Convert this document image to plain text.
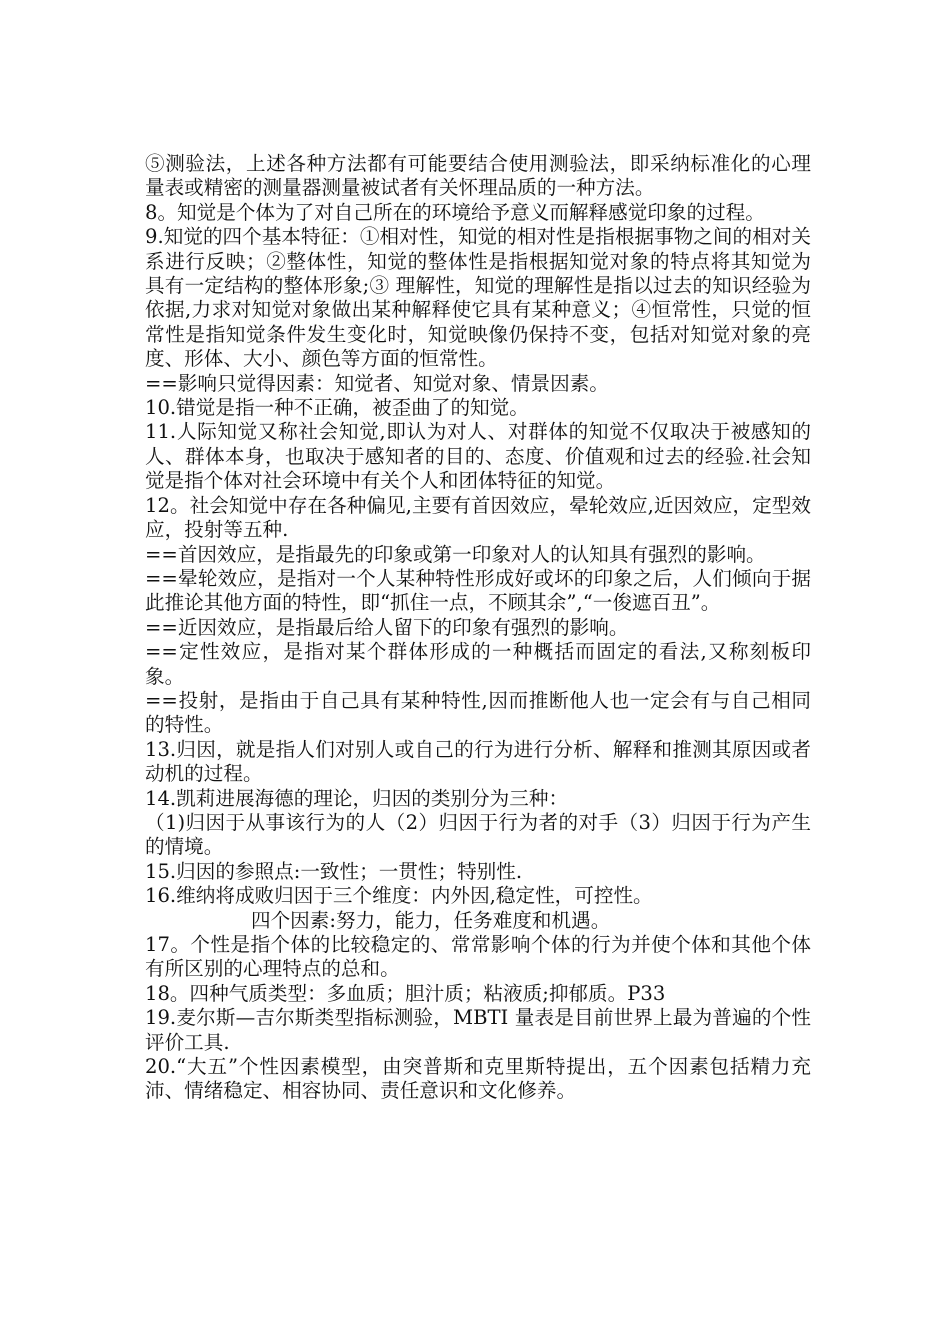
⑤测验法，上述各种方法都有可能要结合使用测验法，即采纳标准化的心理量表或精密的测量器测量被试者有关怀理品质的一种方法。

8。知觉是个体为了对自己所在的环境给予意义而解释感觉印象的过程。

9.知觉的四个基本特征：①相对性，知觉的相对性是指根据事物之间的相对关系进行反映；②整体性，知觉的整体性是指根据知觉对象的特点将其知觉为具有一定结构的整体形象;③ 理解性，知觉的理解性是指以过去的知识经验为依据,力求对知觉对象做出某种解释使它具有某种意义；④恒常性，只觉的恒常性是指知觉条件发生变化时，知觉映像仍保持不变，包括对知觉对象的亮度、形体、大小、颜色等方面的恒常性。

==影响只觉得因素：知觉者、知觉对象、情景因素。

10.错觉是指一种不正确，被歪曲了的知觉。

11.人际知觉又称社会知觉,即认为对人、对群体的知觉不仅取决于被感知的人、群体本身，也取决于感知者的目的、态度、价值观和过去的经验.社会知觉是指个体对社会环境中有关个人和团体特征的知觉。

12。社会知觉中存在各种偏见,主要有首因效应，晕轮效应,近因效应，定型效应，投射等五种.

==首因效应，是指最先的印象或第一印象对人的认知具有强烈的影响。

==晕轮效应，是指对一个人某种特性形成好或坏的印象之后，人们倾向于据此推论其他方面的特性，即“抓住一点，不顾其余”,“一俊遮百丑”。

==近因效应，是指最后给人留下的印象有强烈的影响。

==定性效应，是指对某个群体形成的一种概括而固定的看法,又称刻板印象。

==投射，是指由于自己具有某种特性,因而推断他人也一定会有与自己相同的特性。

13.归因，就是指人们对别人或自己的行为进行分析、解释和推测其原因或者动机的过程。

14.凯莉进展海德的理论，归因的类别分为三种：

（1)归因于从事该行为的人（2）归因于行为者的对手（3）归因于行为产生的情境。

15.归因的参照点:一致性；一贯性；特别性.

16.维纳将成败归因于三个维度：内外因,稳定性，可控性。

四个因素:努力，能力，任务难度和机遇。

17。个性是指个体的比较稳定的、常常影响个体的行为并使个体和其他个体有所区别的心理特点的总和。

18。四种气质类型：多血质；胆汁质；粘液质;抑郁质。P33

19.麦尔斯—吉尔斯类型指标测验，MBTI 量表是目前世界上最为普遍的个性评价工具.

20.“大五”个性因素模型，由突普斯和克里斯特提出，五个因素包括精力充沛、情绪稳定、相容协同、责任意识和文化修养。
